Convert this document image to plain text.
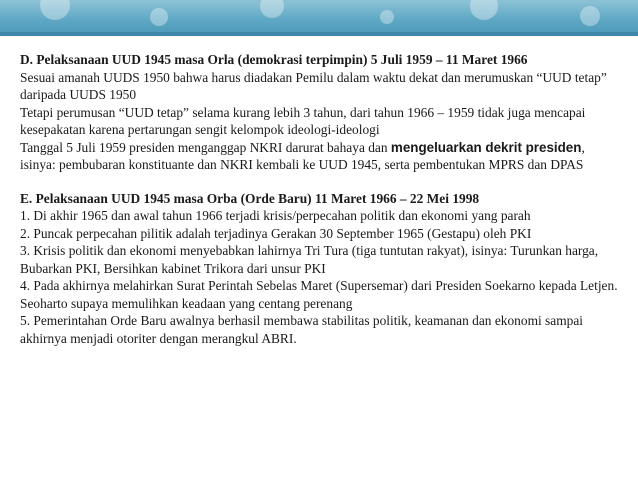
D. Pelaksanaan UUD 1945 masa Orla (demokrasi terpimpin) 5 Juli 1959 – 11 Maret 1966

Sesuai amanah UUDS 1950 bahwa harus diadakan Pemilu dalam waktu dekat dan merumuskan “UUD tetap” daripada UUDS 1950

Tetapi perumusan “UUD tetap” selama kurang lebih 3 tahun, dari tahun 1966 – 1959 tidak juga mencapai kesepakatan karena pertarungan sengit kelompok ideologi-ideologi

Tanggal 5 Juli 1959 presiden menganggap NKRI darurat bahaya dan mengeluarkan dekrit presiden, isinya: pembubaran konstituante dan NKRI kembali ke UUD 1945, serta pembentukan MPRS dan DPAS

E. Pelaksanaan UUD 1945 masa Orba (Orde Baru) 11 Maret 1966 – 22 Mei 1998

1. Di akhir 1965 dan awal tahun 1966 terjadi krisis/perpecahan politik dan ekonomi yang parah

2. Puncak perpecahan pilitik adalah terjadinya Gerakan 30 September 1965 (Gestapu) oleh PKI

3. Krisis politik dan ekonomi menyebabkan lahirnya Tri Tura (tiga tuntutan rakyat), isinya: Turunkan harga, Bubarkan PKI, Bersihkan kabinet Trikora dari unsur PKI

4. Pada akhirnya melahirkan Surat Perintah Sebelas Maret (Supersemar) dari Presiden Soekarno kepada Letjen. Seoharto supaya memulihkan keadaan yang centang perenang

5. Pemerintahan Orde Baru awalnya berhasil membawa stabilitas politik, keamanan dan ekonomi sampai akhirnya menjadi otoriter dengan merangkul ABRI.
